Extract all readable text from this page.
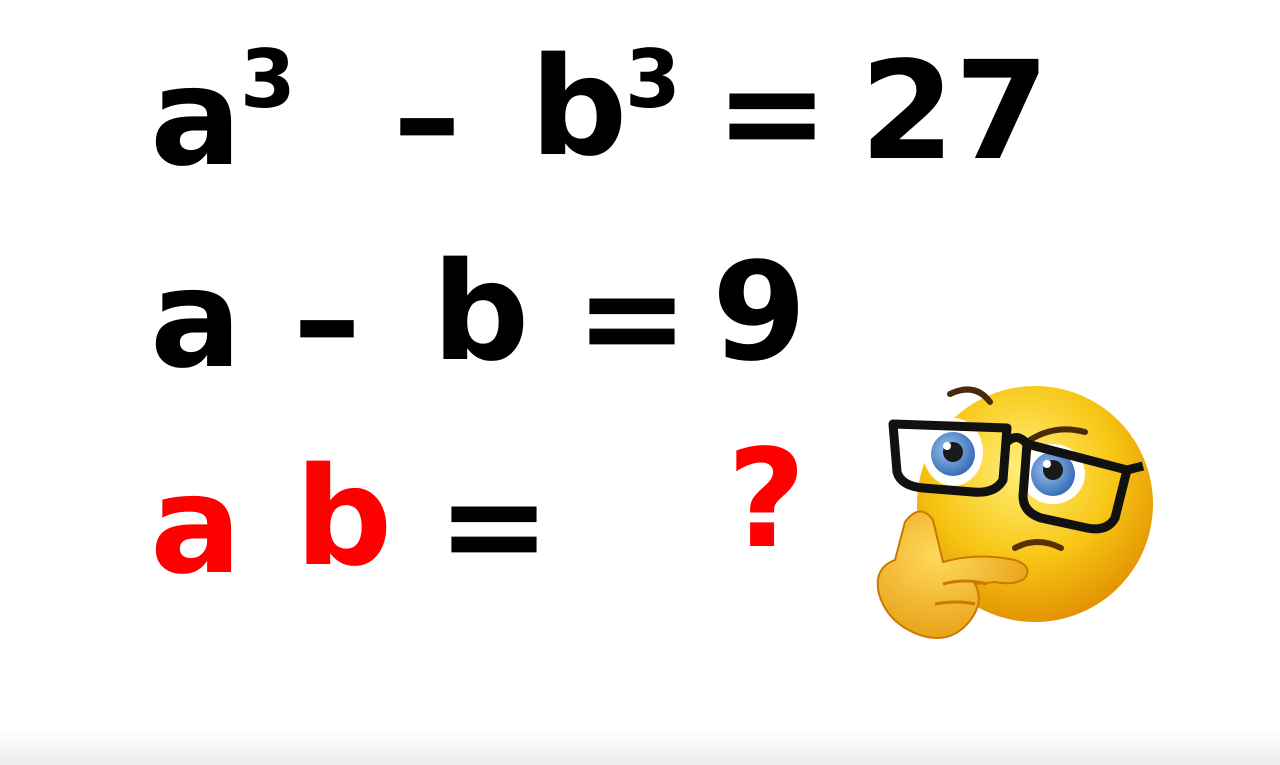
a
3 – b
3 = 27
a – b = 9
a b = ?
